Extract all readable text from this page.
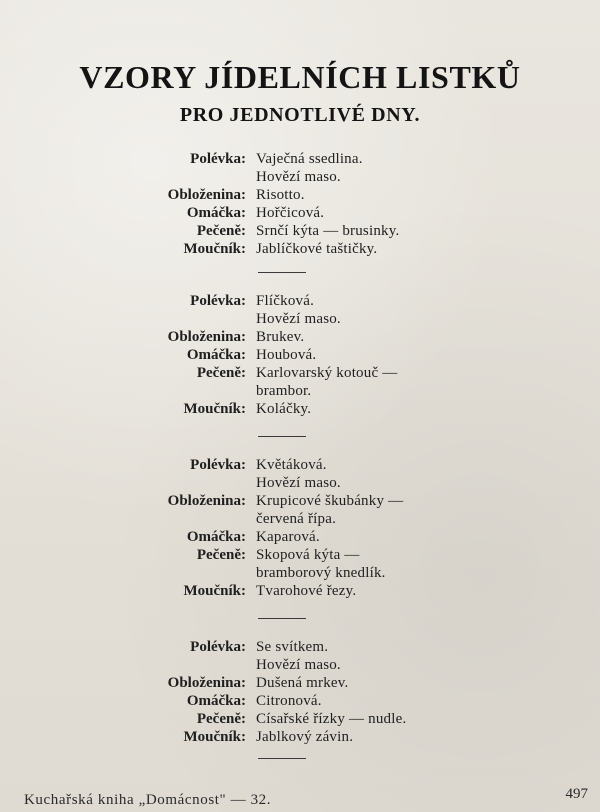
VZORY JÍDELNÍCH LISTKŮ
PRO JEDNOTLIVÉ DNY.
Polévka: Vaječná ssedlina.
Hovězí maso.
Obloženina: Risotto.
Omáčka: Hořčicová.
Pečeně: Srnčí kýta — brusinky.
Moučník: Jablíčkové taštičky.
Polévka: Flíčková.
Hovězí maso.
Obloženina: Brukev.
Omáčka: Houbová.
Pečeně: Karlovarský kotouč —
brambor.
Moučník: Koláčky.
Polévka: Květáková.
Hovězí maso.
Obloženina: Krupicové škubánky —
červená řípa.
Omáčka: Kaparová.
Pečeně: Skopová kýta —
bramborový knedlík.
Moučník: Tvarohové řezy.
Polévka: Se svítkem.
Hovězí maso.
Obloženina: Dušená mrkev.
Omáčka: Citronová.
Pečeně: Císařské řízky — nudle.
Moučník: Jablkový závin.
Kuchařská kniha „Domácnost" — 32.	497
